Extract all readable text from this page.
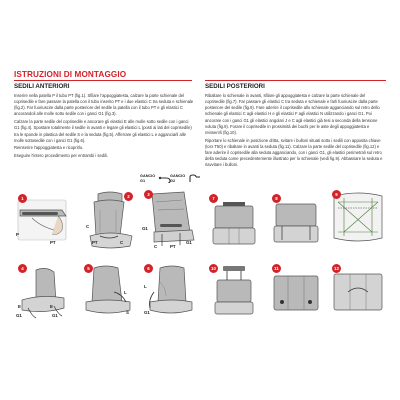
ISTRUZIONI DI MONTAGGIO
SEDILI ANTERIORI	SEDILI POSTERIORI

Inserire nella patella P il tubo PT (fig.1). Sfilare l'appoggiatesta, calzare la parte schienale del coprisedile e fare passare la patella con il tubo inserito PT e i due elastici C tra seduta e schienale (fig.2). Far fuoriuscire dalla parte posteriore del sedile la patella con il tubo PT e gli elastici C ancorandoli alle molle sotto sedile con i ganci G1 (fig.3).

Calzare la parte sedile del coprisedile e ancorare gli elastici E alle molle sotto sedile con i ganci G1 (fig.4). Spostare totalmente il sedile in avanti e legare gli elastici L (posti ai lati del coprisedile) tra le sponde in plastica del sedile S e la seduta (fig.5). Afferrare gli elastici L e agganciarli alle molle sottosedile con i ganci G1 (fig.6).

Reinserire l'appoggiatesta e ricoprirlo.

Eseguire l'intero procedimento per entrambi i sedili.

Ribaltare lo schienale in avanti, sfilare gli appoggiatesta e calzare la parte schienale del coprisedile (fig.7). Far passare gli elastici C tra seduta e schienale e farli fuoriuscire dalla parte posteriore del sedile (fig.8). Fare aderire il coprisedile allo schienale agganciando sul retro dello schienale gli elastici C agli elastici H e gli elastici F agli elastici N utilizzando i ganci G1. Poi ancorare con i ganci G1 gli elastici angolari J e C agli elastici già tesi a seconda della tensione voluta (fig.9). Forare il coprisedile in prossimità dei buchi per le aste degli appoggiatesta e reinserirli (fig.10).

Riportare lo schienale in posizione dritta, svitare i bulloni situati sotto i sedili con apposita chiave (torx T50) e ribaltare in avanti la seduta (fig.11). Calzare la parte sedile del coprisedile (fig.12) e fare aderire il coprisedile alla seduta agganciando, con i ganci G1, gli elastici perimetrali sul retro della seduta come precedentemente illustrato per lo schienale (vedi fig.9). Abbassare la seduta e riavvitare i bulloni.

GANCIO
G1
GANCIO
G2
1
P
PT
2
C
PT	C
3
G1
C	PT
G1
4
E
G1
E
G1
5
L
S
6
L
G1
7	8
9
10	11	12
